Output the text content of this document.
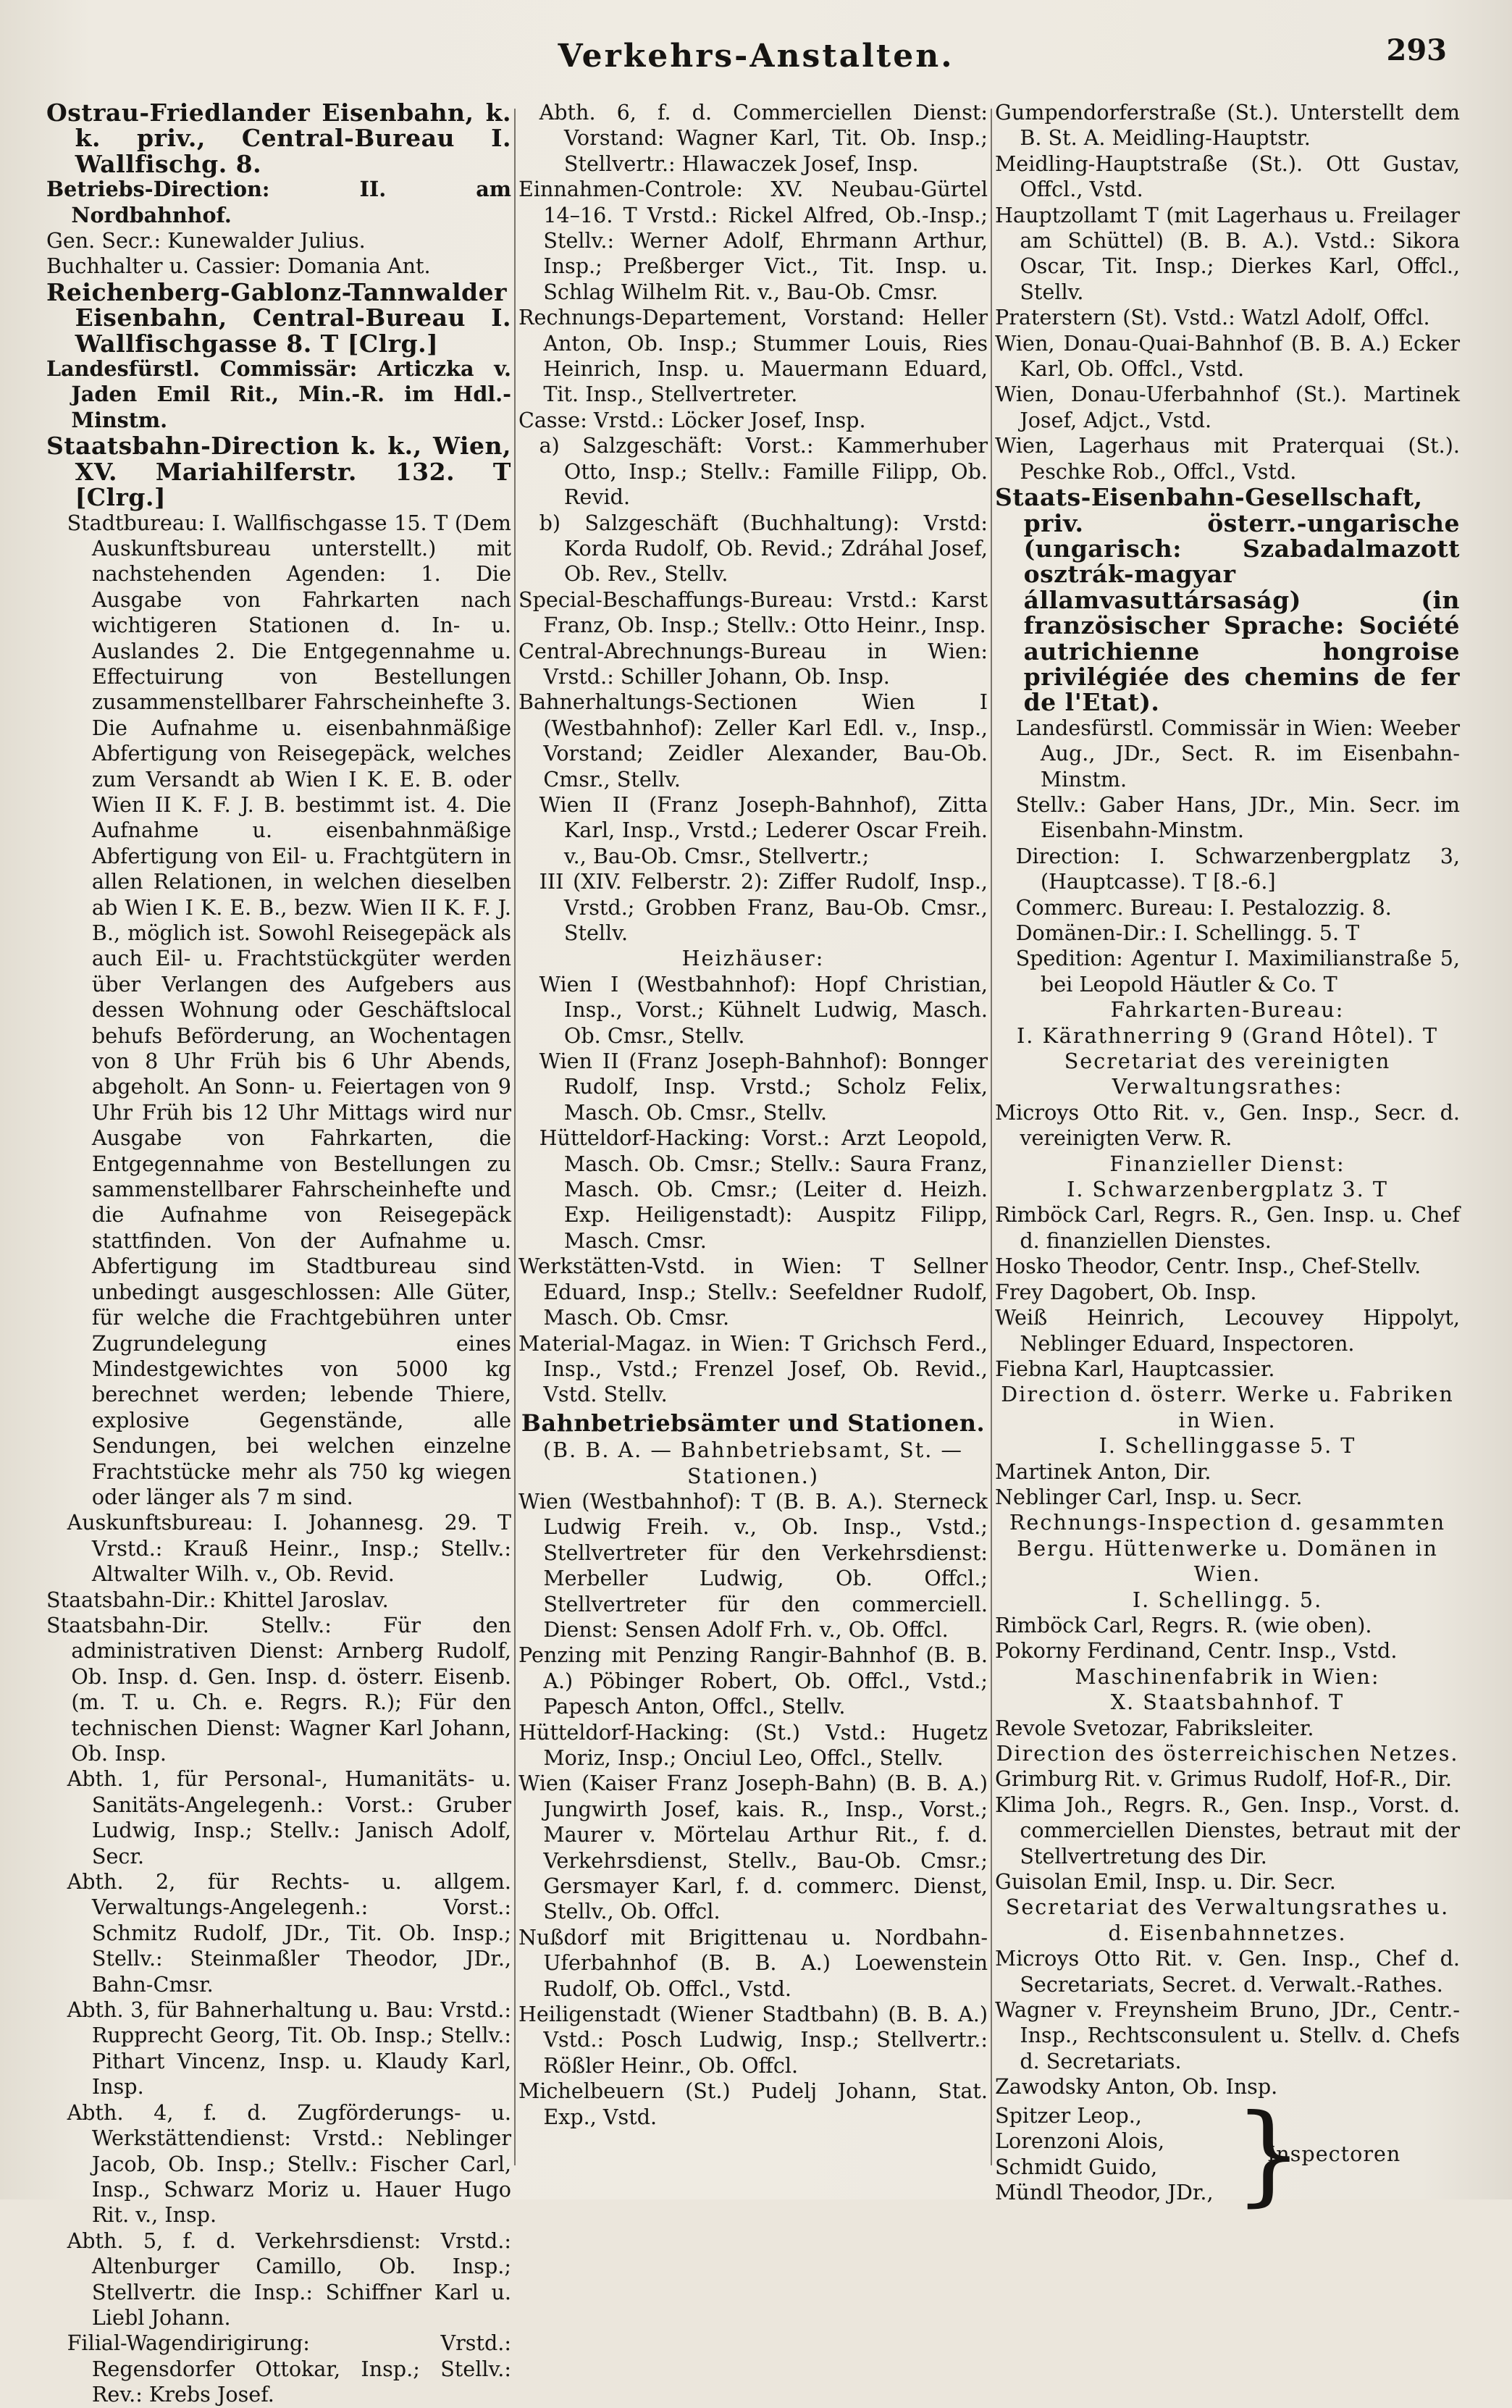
Verkehrs-Anstalten.	293

Ostrau-Friedlander Eisenbahn, k. k. priv., Central-Bureau I. Wallfischg. 8.

Betriebs-Direction: II. am Nordbahnhof.

Gen. Secr.: Kunewalder Julius.

Buchhalter u. Cassier: Domania Ant.

Reichenberg-Gablonz-Tannwalder Eisenbahn, Central-Bureau I. Wallfischgasse 8. T [Clrg.]

Landesfürstl. Commissär: Articzka v. Jaden Emil Rit., Min.-R. im Hdl.-Minstm.

Staatsbahn-Direction k. k., Wien, XV. Mariahilferstr. 132. T [Clrg.]

Stadtbureau: I. Wallfischgasse 15. T (Dem Auskunftsbureau unterstellt.) mit nachstehenden Agenden: 1. Die Ausgabe von Fahrkarten nach wichtigeren Stationen d. In- u. Auslandes 2. Die Entgegennahme u. Effectuirung von Bestellungen zusammenstellbarer Fahrscheinhefte 3. Die Aufnahme u. eisenbahnmäßige Abfertigung von Reisegepäck, welches zum Versandt ab Wien I K. E. B. oder Wien II K. F. J. B. bestimmt ist. 4. Die Aufnahme u. eisenbahnmäßige Abfertigung von Eil- u. Frachtgütern in allen Relationen, in welchen dieselben ab Wien I K. E. B., bezw. Wien II K. F. J. B., möglich ist. Sowohl Reisegepäck als auch Eil- u. Frachtstückgüter werden über Verlangen des Aufgebers aus dessen Wohnung oder Geschäftslocal behufs Beförderung, an Wochentagen von 8 Uhr Früh bis 6 Uhr Abends, abgeholt. An Sonn- u. Feiertagen von 9 Uhr Früh bis 12 Uhr Mittags wird nur Ausgabe von Fahrkarten, die Entgegennahme von Bestellungen zu sammenstellbarer Fahrscheinhefte und die Aufnahme von Reisegepäck stattfinden. Von der Aufnahme u. Abfertigung im Stadtbureau sind unbedingt ausgeschlossen: Alle Güter, für welche die Frachtgebühren unter Zugrundelegung eines Mindestgewichtes von 5000 kg berechnet werden; lebende Thiere, explosive Gegenstände, alle Sendungen, bei welchen einzelne Frachtstücke mehr als 750 kg wiegen oder länger als 7 m sind.

Auskunftsbureau: I. Johannesg. 29. T Vrstd.: Krauß Heinr., Insp.; Stellv.: Altwalter Wilh. v., Ob. Revid.

Staatsbahn-Dir.: Khittel Jaroslav.

Staatsbahn-Dir. Stellv.: Für den administrativen Dienst: Arnberg Rudolf, Ob. Insp. d. Gen. Insp. d. österr. Eisenb. (m. T. u. Ch. e. Regrs. R.); Für den technischen Dienst: Wagner Karl Johann, Ob. Insp.

Abth. 1, für Personal-, Humanitäts- u. Sanitäts-Angelegenh.: Vorst.: Gruber Ludwig, Insp.; Stellv.: Janisch Adolf, Secr.

Abth. 2, für Rechts- u. allgem. Verwaltungs-Angelegenh.: Vorst.: Schmitz Rudolf, JDr., Tit. Ob. Insp.; Stellv.: Steinmaßler Theodor, JDr., Bahn-Cmsr.

Abth. 3, für Bahnerhaltung u. Bau: Vrstd.: Rupprecht Georg, Tit. Ob. Insp.; Stellv.: Pithart Vincenz, Insp. u. Klaudy Karl, Insp.

Abth. 4, f. d. Zugförderungs- u. Werkstättendienst: Vrstd.: Neblinger Jacob, Ob. Insp.; Stellv.: Fischer Carl, Insp., Schwarz Moriz u. Hauer Hugo Rit. v., Insp.

Abth. 5, f. d. Verkehrsdienst: Vrstd.: Altenburger Camillo, Ob. Insp.; Stellvertr. die Insp.: Schiffner Karl u. Liebl Johann.

Filial-Wagendirigirung: Vrstd.: Regensdorfer Ottokar, Insp.; Stellv.: Rev.: Krebs Josef.

Abth. 6, f. d. Commerciellen Dienst: Vorstand: Wagner Karl, Tit. Ob. Insp.; Stellvertr.: Hlawaczek Josef, Insp.

Einnahmen-Controle: XV. Neubau-Gürtel 14–16. T Vrstd.: Rickel Alfred, Ob.-Insp.; Stellv.: Werner Adolf, Ehrmann Arthur, Insp.; Preßberger Vict., Tit. Insp. u. Schlag Wilhelm Rit. v., Bau-Ob. Cmsr.

Rechnungs-Departement, Vorstand: Heller Anton, Ob. Insp.; Stummer Louis, Ries Heinrich, Insp. u. Mauermann Eduard, Tit. Insp., Stellvertreter.

Casse: Vrstd.: Löcker Josef, Insp.

a) Salzgeschäft: Vorst.: Kammerhuber Otto, Insp.; Stellv.: Famille Filipp, Ob. Revid.

b) Salzgeschäft (Buchhaltung): Vrstd: Korda Rudolf, Ob. Revid.; Zdráhal Josef, Ob. Rev., Stellv.

Special-Beschaffungs-Bureau: Vrstd.: Karst Franz, Ob. Insp.; Stellv.: Otto Heinr., Insp.

Central-Abrechnungs-Bureau in Wien: Vrstd.: Schiller Johann, Ob. Insp.

Bahnerhaltungs-Sectionen Wien I (Westbahnhof): Zeller Karl Edl. v., Insp., Vorstand; Zeidler Alexander, Bau-Ob. Cmsr., Stellv.

Wien II (Franz Joseph-Bahnhof), Zitta Karl, Insp., Vrstd.; Lederer Oscar Freih. v., Bau-Ob. Cmsr., Stellvertr.;

III (XIV. Felberstr. 2): Ziffer Rudolf, Insp., Vrstd.; Grobben Franz, Bau-Ob. Cmsr., Stellv.

Heizhäuser:

Wien I (Westbahnhof): Hopf Christian, Insp., Vorst.; Kühnelt Ludwig, Masch. Ob. Cmsr., Stellv.

Wien II (Franz Joseph-Bahnhof): Bonnger Rudolf, Insp. Vrstd.; Scholz Felix, Masch. Ob. Cmsr., Stellv.

Hütteldorf-Hacking: Vorst.: Arzt Leopold, Masch. Ob. Cmsr.; Stellv.: Saura Franz, Masch. Ob. Cmsr.; (Leiter d. Heizh. Exp. Heiligenstadt): Auspitz Filipp, Masch. Cmsr.

Werkstätten-Vstd. in Wien: T Sellner Eduard, Insp.; Stellv.: Seefeldner Rudolf, Masch. Ob. Cmsr.

Material-Magaz. in Wien: T Grichsch Ferd., Insp., Vstd.; Frenzel Josef, Ob. Revid., Vstd. Stellv.

Bahnbetriebsämter und Stationen.

(B. B. A. — Bahnbetriebsamt, St. — Stationen.)

Wien (Westbahnhof): T (B. B. A.). Sterneck Ludwig Freih. v., Ob. Insp., Vstd.; Stellvertreter für den Verkehrsdienst: Merbeller Ludwig, Ob. Offcl.; Stellvertreter für den commerciell. Dienst: Sensen Adolf Frh. v., Ob. Offcl.

Penzing mit Penzing Rangir-Bahnhof (B. B. A.) Pöbinger Robert, Ob. Offcl., Vstd.; Papesch Anton, Offcl., Stellv.

Hütteldorf-Hacking: (St.) Vstd.: Hugetz Moriz, Insp.; Onciul Leo, Offcl., Stellv.

Wien (Kaiser Franz Joseph-Bahn) (B. B. A.) Jungwirth Josef, kais. R., Insp., Vorst.; Maurer v. Mörtelau Arthur Rit., f. d. Verkehrsdienst, Stellv., Bau-Ob. Cmsr.; Gersmayer Karl, f. d. commerc. Dienst, Stellv., Ob. Offcl.

Nußdorf mit Brigittenau u. Nordbahn-Uferbahnhof (B. B. A.) Loewenstein Rudolf, Ob. Offcl., Vstd.

Heiligenstadt (Wiener Stadtbahn) (B. B. A.) Vstd.: Posch Ludwig, Insp.; Stellvertr.: Rößler Heinr., Ob. Offcl.

Michelbeuern (St.) Pudelj Johann, Stat. Exp., Vstd.

Gumpendorferstraße (St.). Unterstellt dem B. St. A. Meidling-Hauptstr.

Meidling-Hauptstraße (St.). Ott Gustav, Offcl., Vstd.

Hauptzollamt T (mit Lagerhaus u. Freilager am Schüttel) (B. B. A.). Vstd.: Sikora Oscar, Tit. Insp.; Dierkes Karl, Offcl., Stellv.

Praterstern (St). Vstd.: Watzl Adolf, Offcl.

Wien, Donau-Quai-Bahnhof (B. B. A.) Ecker Karl, Ob. Offcl., Vstd.

Wien, Donau-Uferbahnhof (St.). Martinek Josef, Adjct., Vstd.

Wien, Lagerhaus mit Praterquai (St.). Peschke Rob., Offcl., Vstd.

Staats-Eisenbahn-Gesellschaft, priv. österr.-ungarische (ungarisch: Szabadalmazott osztrák-magyar államvasuttársaság) (in französischer Sprache: Société autrichienne hongroise privilégiée des chemins de fer de l'Etat).

Landesfürstl. Commissär in Wien: Weeber Aug., JDr., Sect. R. im Eisenbahn-Minstm.

Stellv.: Gaber Hans, JDr., Min. Secr. im Eisenbahn-Minstm.

Direction: I. Schwarzenbergplatz 3, (Hauptcasse). T [8.-6.]

Commerc. Bureau: I. Pestalozzig. 8.

Domänen-Dir.: I. Schellingg. 5. T

Spedition: Agentur I. Maximilianstraße 5, bei Leopold Häutler & Co. T

Fahrkarten-Bureau:

I. Kärathnerring 9 (Grand Hôtel). T

Secretariat des vereinigten Verwaltungsrathes:

Microys Otto Rit. v., Gen. Insp., Secr. d. vereinigten Verw. R.

Finanzieller Dienst:

I. Schwarzenbergplatz 3. T

Rimböck Carl, Regrs. R., Gen. Insp. u. Chef d. finanziellen Dienstes.

Hosko Theodor, Centr. Insp., Chef-Stellv.

Frey Dagobert, Ob. Insp.

Weiß Heinrich, Lecouvey Hippolyt, Neblinger Eduard, Inspectoren.

Fiebna Karl, Hauptcassier.

Direction d. österr. Werke u. Fabriken in Wien.

I. Schellinggasse 5. T

Martinek Anton, Dir.

Neblinger Carl, Insp. u. Secr.

Rechnungs-Inspection d. gesammten Bergu. Hüttenwerke u. Domänen in Wien.

I. Schellingg. 5.

Rimböck Carl, Regrs. R. (wie oben).

Pokorny Ferdinand, Centr. Insp., Vstd.

Maschinenfabrik in Wien:

X. Staatsbahnhof. T

Revole Svetozar, Fabriksleiter.

Direction des österreichischen Netzes.

Grimburg Rit. v. Grimus Rudolf, Hof-R., Dir.

Klima Joh., Regrs. R., Gen. Insp., Vorst. d. commerciellen Dienstes, betraut mit der Stellvertretung des Dir.

Guisolan Emil, Insp. u. Dir. Secr.

Secretariat des Verwaltungsrathes u. d. Eisenbahnnetzes.

Microys Otto Rit. v. Gen. Insp., Chef d. Secretariats, Secret. d. Verwalt.-Rathes.

Wagner v. Freynsheim Bruno, JDr., Centr.-Insp., Rechtsconsulent u. Stellv. d. Chefs d. Secretariats.

Zawodsky Anton, Ob. Insp.

Spitzer Leop.,

Lorenzoni Alois,

Schmidt Guido,

Mündl Theodor, JDr., }
Inspectoren
